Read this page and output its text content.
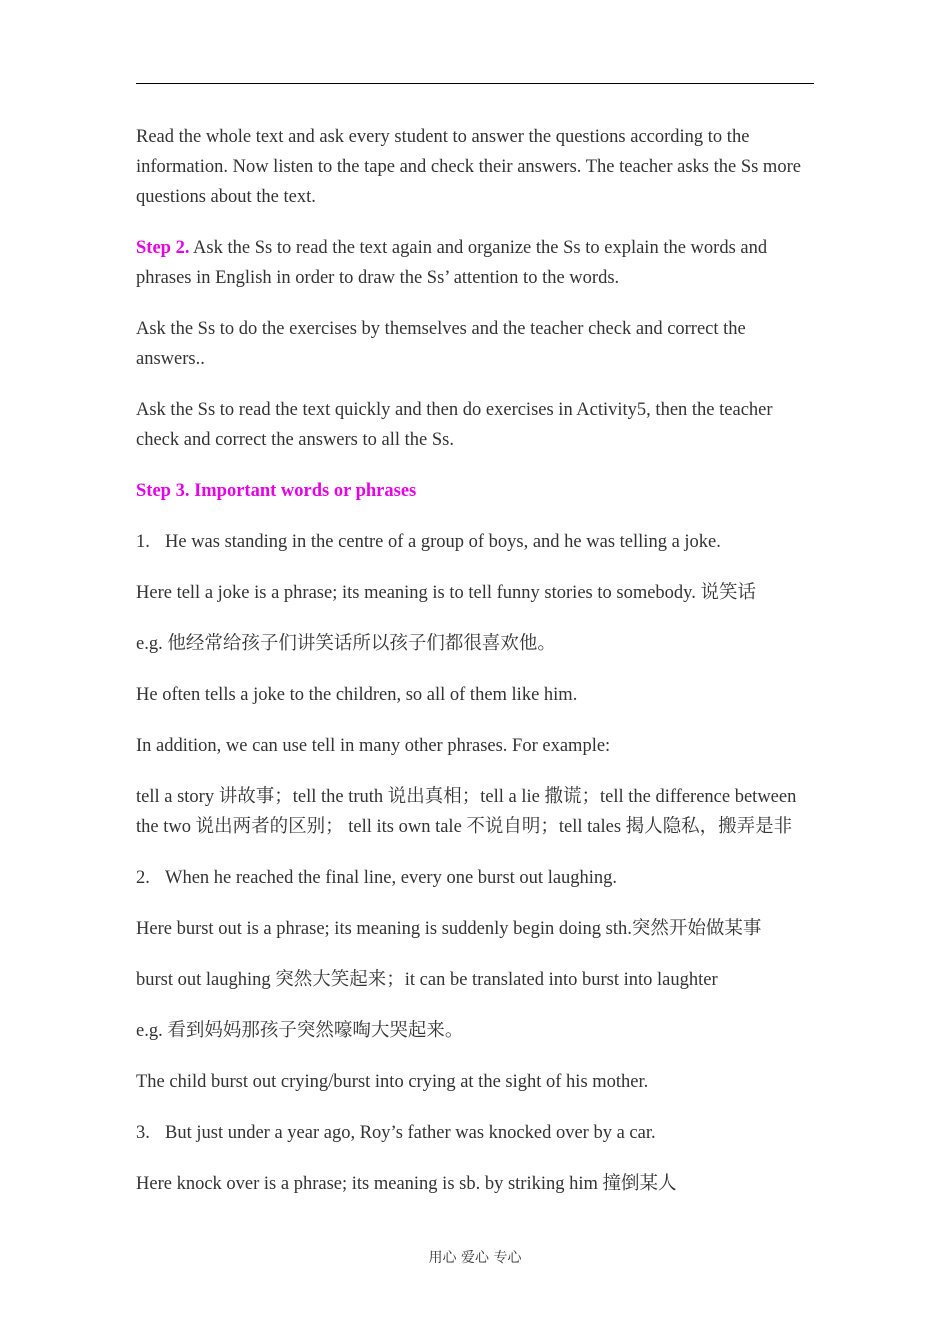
Read the whole text and ask every student to answer the questions according to the information. Now listen to the tape and check their answers. The teacher asks the Ss more questions about the text.

Step 2. Ask the Ss to read the text again and organize the Ss to explain the words and phrases in English in order to draw the Ss’ attention to the words.

Ask the Ss to do the exercises by themselves and the teacher check and correct the answers..

Ask the Ss to read the text quickly and then do exercises in Activity5, then the teacher check and correct the answers to all the Ss.

Step 3. Important words or phrases

1. He was standing in the centre of a group of boys, and he was telling a joke.

Here tell a joke is a phrase; its meaning is to tell funny stories to somebody. 说笑话

e.g. 他经常给孩子们讲笑话所以孩子们都很喜欢他。

He often tells a joke to the children, so all of them like him.

In addition, we can use tell in many other phrases. For example:

tell a story 讲故事；tell the truth 说出真相；tell a lie 撒谎；tell the difference between
the two 说出两者的区别； tell its own tale 不说自明；tell tales 揭人隐私，搬弄是非

2. When he reached the final line, every one burst out laughing.

Here burst out is a phrase; its meaning is suddenly begin doing sth.突然开始做某事

burst out laughing 突然大笑起来；it can be translated into burst into laughter

e.g. 看到妈妈那孩子突然嚎啕大哭起来。

The child burst out crying/burst into crying at the sight of his mother.

3. But just under a year ago, Roy’s father was knocked over by a car.

Here knock over is a phrase; its meaning is sb. by striking him 撞倒某人

用心 爱心 专心
